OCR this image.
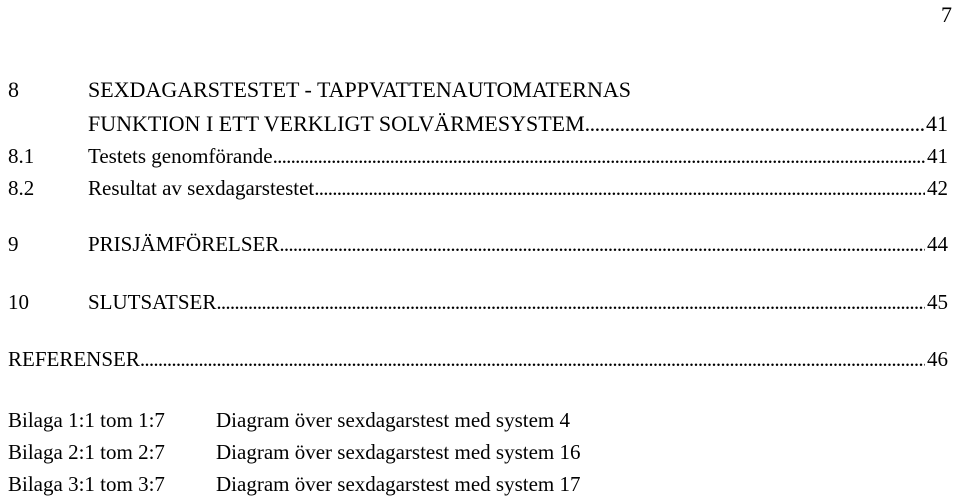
7
8	SEXDAGARSTESTET - TAPPVATTENAUTOMATERNAS
FUNKTION I ETT VERKLIGT SOLVÄRMESYSTEM . . .	41
8.1	Testets genomförande . . .	41
8.2	Resultat av sexdagarstestet . . .	42
9	PRISJÄMFÖRELSER . . .	44
10	SLUTSATSER . . .	45
REFERENSER . . .	46
Bilaga 1:1 tom 1:7 Diagram över sexdagarstest med system 4
Bilaga 2:1 tom 2:7 Diagram över sexdagarstest med system 16
Bilaga 3:1 tom 3:7 Diagram över sexdagarstest med system 17
